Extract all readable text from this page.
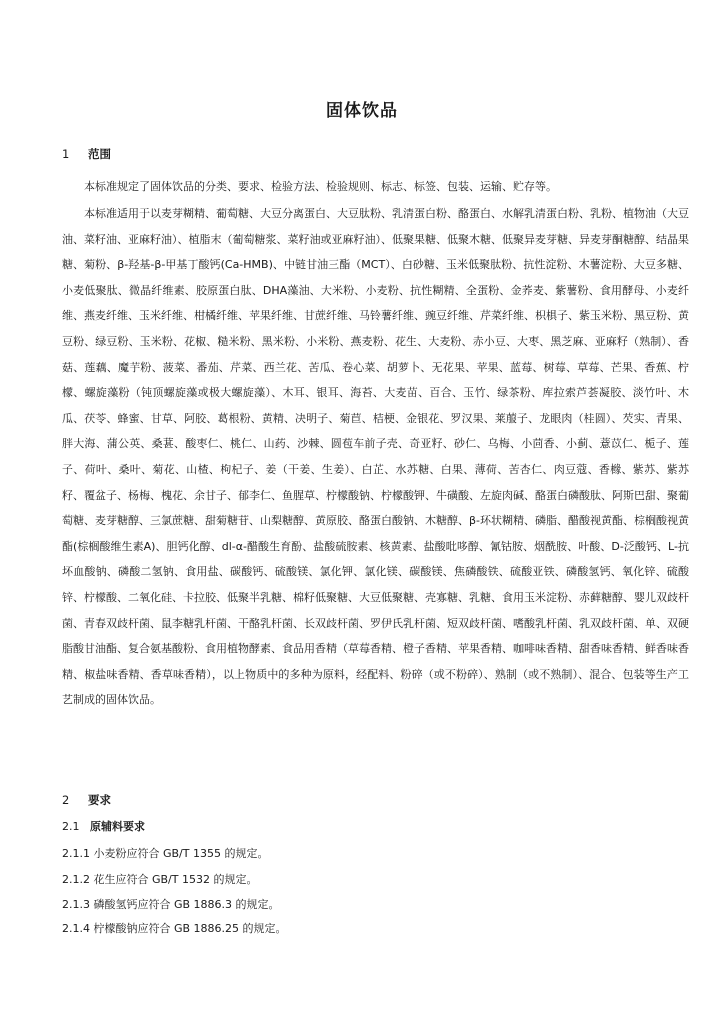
固体饮品
1 范围
本标准规定了固体饮品的分类、要求、检验方法、检验规则、标志、标签、包装、运输、贮存等。
本标准适用于以麦芽糊精、葡萄糖、大豆分离蛋白、大豆肽粉、乳清蛋白粉、酪蛋白、水解乳清蛋白粉、乳粉、植物油（大豆油、菜籽油、亚麻籽油）、植脂末（葡萄糖浆、菜籽油或亚麻籽油）、低聚果糖、低聚木糖、低聚异麦芽糖、异麦芽酮糖醇、结晶果糖、菊粉、β-羟基-β-甲基丁酸钙(Ca-HMB)、中链甘油三酯（MCT）、白砂糖、玉米低聚肽粉、抗性淀粉、木薯淀粉、大豆多糖、小麦低聚肽、微晶纤维素、胶原蛋白肽、DHA藻油、大米粉、小麦粉、抗性糊精、全蛋粉、金荞麦、紫薯粉、食用酵母、小麦纤维、燕麦纤维、玉米纤维、柑橘纤维、苹果纤维、甘蔗纤维、马铃薯纤维、豌豆纤维、芹菜纤维、枳椇子、紫玉米粉、黑豆粉、黄豆粉、绿豆粉、玉米粉、花椒、糙米粉、黑米粉、小米粉、燕麦粉、花生、大麦粉、赤小豆、大枣、黑芝麻、亚麻籽（熟制）、香菇、莲藕、魔芋粉、菠菜、番茄、芹菜、西兰花、苦瓜、卷心菜、胡萝卜、无花果、苹果、蓝莓、树莓、草莓、芒果、香蕉、柠檬、螺旋藻粉（钝顶螺旋藻或极大螺旋藻）、木耳、银耳、海苔、大麦苗、百合、玉竹、绿茶粉、库拉索芦荟凝胶、淡竹叶、木瓜、茯苓、蜂蜜、甘草、阿胶、葛根粉、黄精、决明子、菊苣、桔梗、金银花、罗汉果、莱菔子、龙眼肉（桂圆）、芡实、青果、胖大海、蒲公英、桑葚、酸枣仁、桃仁、山药、沙棘、圆苞车前子壳、奇亚籽、砂仁、乌梅、小茴香、小蓟、薏苡仁、栀子、莲子、荷叶、桑叶、菊花、山楂、枸杞子、姜（干姜、生姜）、白芷、水苏糖、白果、薄荷、苦杏仁、肉豆蔻、香橼、紫苏、紫苏籽、覆盆子、杨梅、槐花、余甘子、郁李仁、鱼腥草、柠檬酸钠、柠檬酸钾、牛磺酸、左旋肉碱、酪蛋白磷酸肽、阿斯巴甜、聚葡萄糖、麦芽糖醇、三氯蔗糖、甜菊糖苷、山梨糖醇、黄原胶、酪蛋白酸钠、木糖醇、β-环状糊精、磷脂、醋酸视黄酯、棕榈酸视黄酯(棕榈酸维生素A)、胆钙化醇、dl-α-醋酸生育酚、盐酸硫胺素、核黄素、盐酸吡哆醇、氰钴胺、烟酰胺、叶酸、D-泛酸钙、L-抗坏血酸钠、磷酸二氢钠、食用盐、碳酸钙、硫酸镁、氯化钾、氯化镁、碳酸镁、焦磷酸铁、硫酸亚铁、磷酸氢钙、氧化锌、硫酸锌、柠檬酸、二氧化硅、卡拉胶、低聚半乳糖、棉籽低聚糖、大豆低聚糖、壳寡糖、乳糖、食用玉米淀粉、赤藓糖醇、婴儿双歧杆菌、青春双歧杆菌、鼠李糖乳杆菌、干酪乳杆菌、长双歧杆菌、罗伊氏乳杆菌、短双歧杆菌、嗜酸乳杆菌、乳双歧杆菌、单、双硬脂酸甘油酯、复合氨基酸粉、食用植物酵素、食品用香精（草莓香精、橙子香精、苹果香精、咖啡味香精、甜香味香精、鲜香味香精、椒盐味香精、香草味香精），以上物质中的多种为原料，经配料、粉碎（或不粉碎）、熟制（或不熟制）、混合、包装等生产工艺制成的固体饮品。
2 要求
2.1 原辅料要求
2.1.1 小麦粉应符合 GB/T 1355 的规定。
2.1.2 花生应符合 GB/T 1532 的规定。
2.1.3 磷酸氢钙应符合 GB 1886.3 的规定。
2.1.4 柠檬酸钠应符合 GB 1886.25 的规定。
